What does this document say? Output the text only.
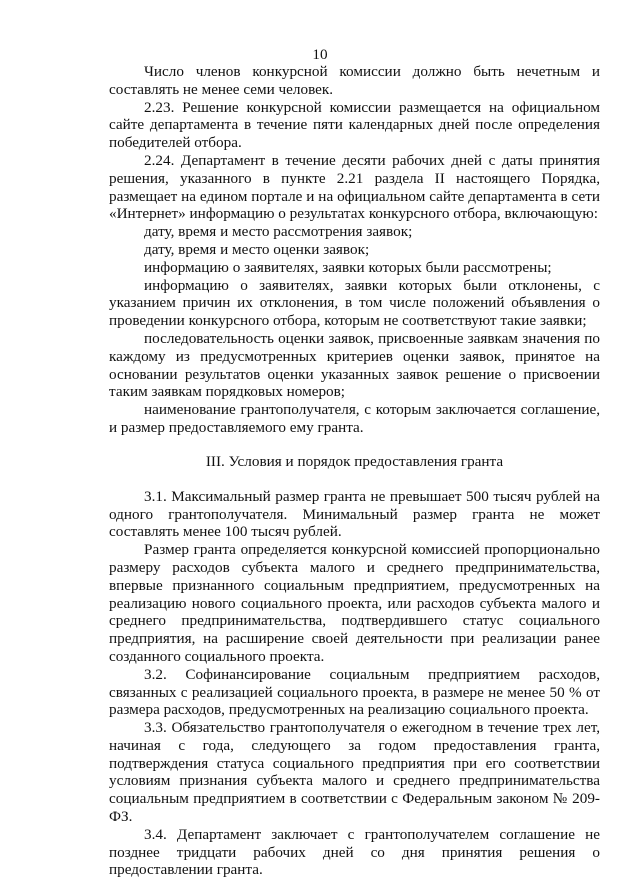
10

Число членов конкурсной комиссии должно быть нечетным и составлять не менее семи человек.

2.23. Решение конкурсной комиссии размещается на официальном сайте департамента в течение пяти календарных дней после определения победителей отбора.

2.24. Департамент в течение десяти рабочих дней с даты принятия решения, указанного в пункте 2.21 раздела II настоящего Порядка, размещает на едином портале и на официальном сайте департамента в сети «Интернет» информацию о результатах конкурсного отбора, включающую:

дату, время и место рассмотрения заявок;

дату, время и место оценки заявок;

информацию о заявителях, заявки которых были рассмотрены;

информацию о заявителях, заявки которых были отклонены, с указанием причин их отклонения, в том числе положений объявления о проведении конкурсного отбора, которым не соответствуют такие заявки;

последовательность оценки заявок, присвоенные заявкам значения по каждому из предусмотренных критериев оценки заявок, принятое на основании результатов оценки указанных заявок решение о присвоении таким заявкам порядковых номеров;

наименование грантополучателя, с которым заключается соглашение, и размер предоставляемого ему гранта.

III. Условия и порядок предоставления гранта

3.1. Максимальный размер гранта не превышает 500 тысяч рублей на одного грантополучателя. Минимальный размер гранта не может составлять менее 100 тысяч рублей.

Размер гранта определяется конкурсной комиссией пропорционально размеру расходов субъекта малого и среднего предпринимательства, впервые признанного социальным предприятием, предусмотренных на реализацию нового социального проекта, или расходов субъекта малого и среднего предпринимательства, подтвердившего статус социального предприятия, на расширение своей деятельности при реализации ранее созданного социального проекта.

3.2. Софинансирование социальным предприятием расходов, связанных с реализацией социального проекта, в размере не менее 50 % от размера расходов, предусмотренных на реализацию социального проекта.

3.3. Обязательство грантополучателя о ежегодном в течение трех лет, начиная с года, следующего за годом предоставления гранта, подтверждения статуса социального предприятия при его соответствии условиям признания субъекта малого и среднего предпринимательства социальным предприятием в соответствии с Федеральным законом № 209-ФЗ.

3.4. Департамент заключает с грантополучателем соглашение не позднее тридцати рабочих дней со дня принятия решения о предоставлении гранта.
